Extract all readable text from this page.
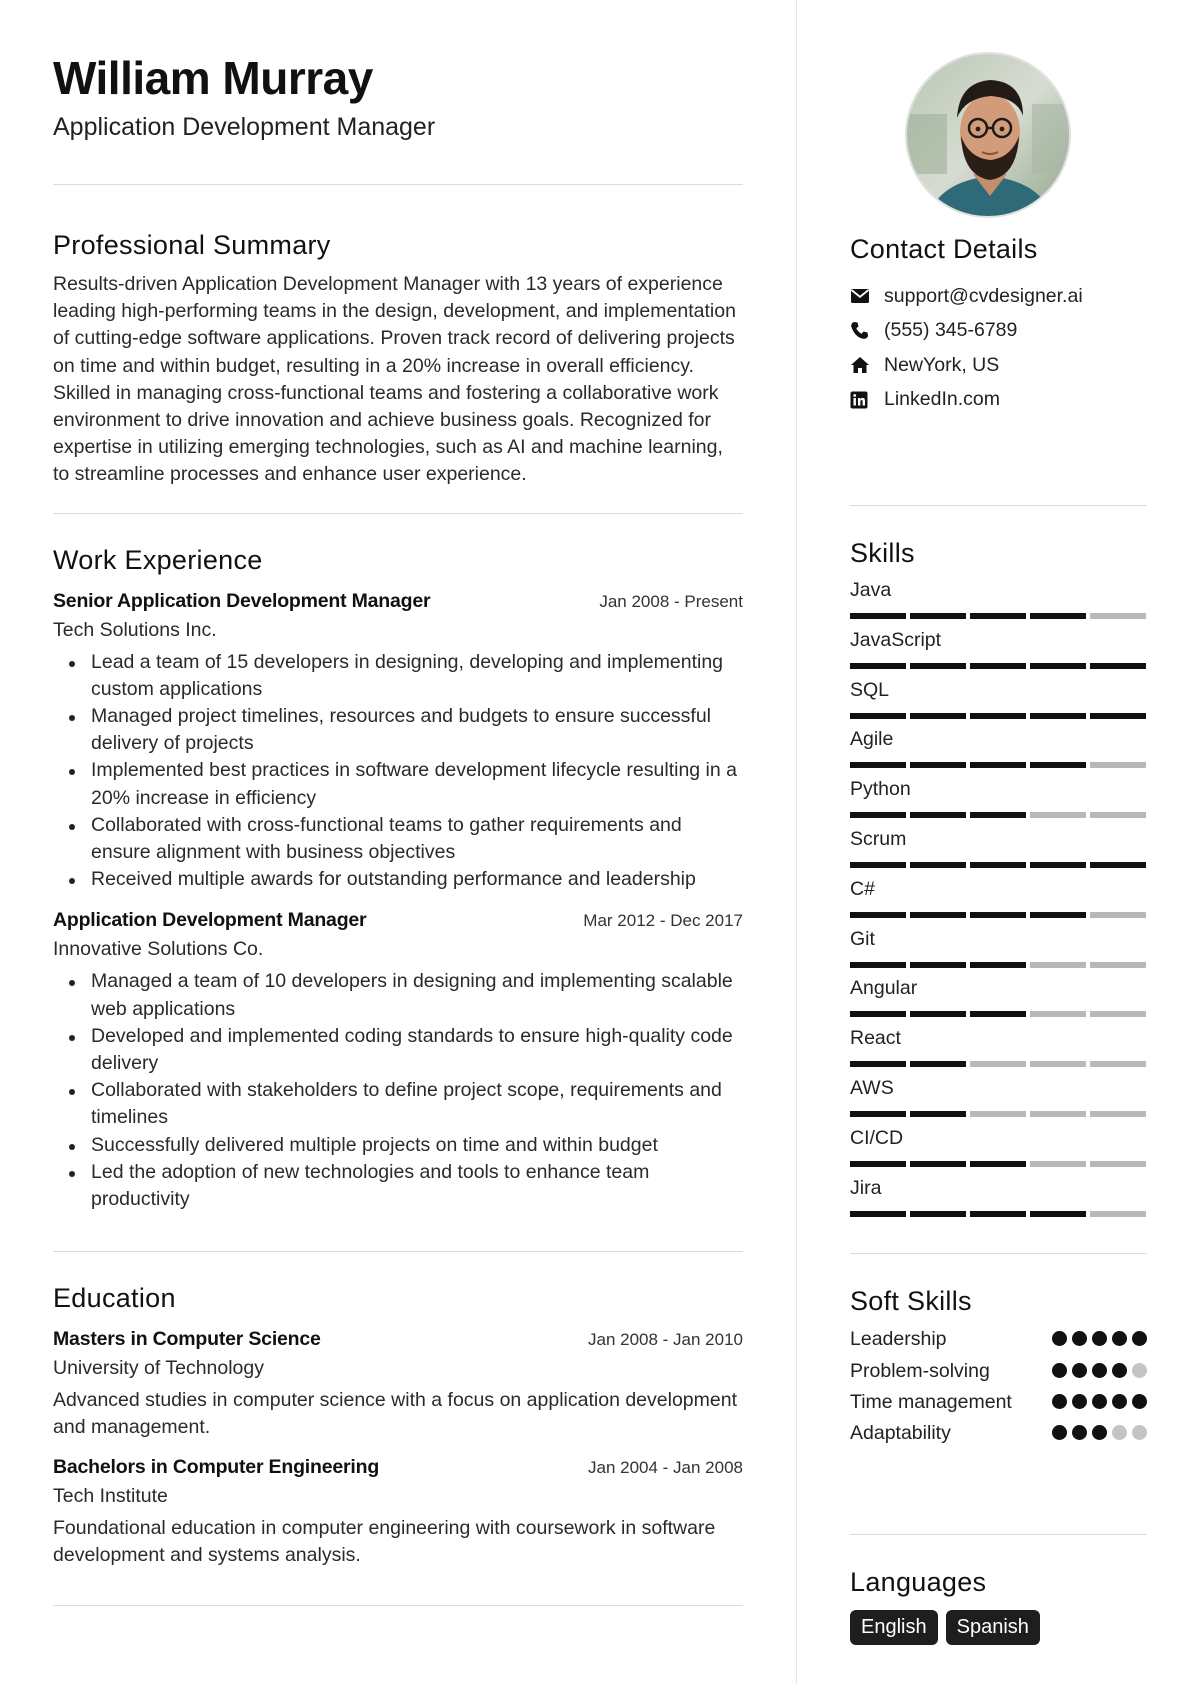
William Murray
Application Development Manager
Professional Summary
Results-driven Application Development Manager with 13 years of experience leading high-performing teams in the design, development, and implementation of cutting-edge software applications. Proven track record of delivering projects on time and within budget, resulting in a 20% increase in overall efficiency. Skilled in managing cross-functional teams and fostering a collaborative work environment to drive innovation and achieve business goals. Recognized for expertise in utilizing emerging technologies, such as AI and machine learning, to streamline processes and enhance user experience.
Work Experience
Senior Application Development Manager	Jan 2008 - Present
Tech Solutions Inc.
Lead a team of 15 developers in designing, developing and implementing custom applications
Managed project timelines, resources and budgets to ensure successful delivery of projects
Implemented best practices in software development lifecycle resulting in a 20% increase in efficiency
Collaborated with cross-functional teams to gather requirements and ensure alignment with business objectives
Received multiple awards for outstanding performance and leadership
Application Development Manager	Mar 2012 - Dec 2017
Innovative Solutions Co.
Managed a team of 10 developers in designing and implementing scalable web applications
Developed and implemented coding standards to ensure high-quality code delivery
Collaborated with stakeholders to define project scope, requirements and timelines
Successfully delivered multiple projects on time and within budget
Led the adoption of new technologies and tools to enhance team productivity
Education
Masters in Computer Science	Jan 2008 - Jan 2010
University of Technology
Advanced studies in computer science with a focus on application development and management.
Bachelors in Computer Engineering	Jan 2004 - Jan 2008
Tech Institute
Foundational education in computer engineering with coursework in software development and systems analysis.
Contact Details
support@cvdesigner.ai
(555) 345-6789
NewYork, US
LinkedIn.com
Skills
Java
JavaScript
SQL
Agile
Python
Scrum
C#
Git
Angular
React
AWS
CI/CD
Jira
Soft Skills
Leadership
Problem-solving
Time management
Adaptability
Languages
English	Spanish
